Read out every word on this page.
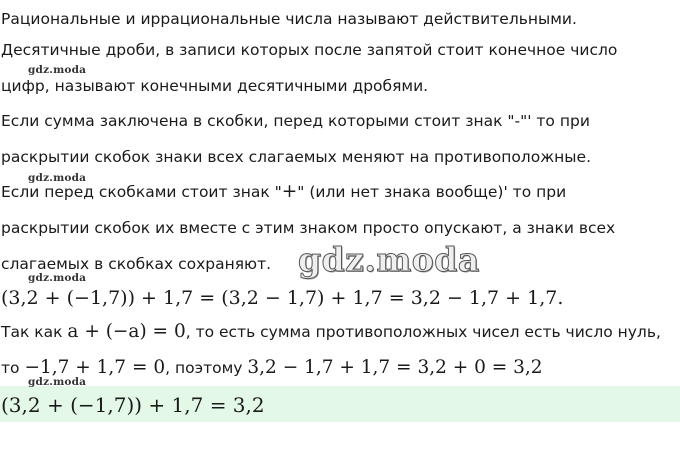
Рациональные и иррациональные числа называют действительными.
Десятичные дроби, в записи которых после запятой стоит конечное число
gdz.moda
цифр, называют конечными десятичными дробями.
Если сумма заключена в скобки, перед которыми стоит знак "-"' то при
раскрытии скобок знаки всех слагаемых меняют на противоположные.
gdz.moda
Если перед скобками стоит знак "+" (или нет знака вообще)' то при
раскрытии скобок их вместе с этим знаком просто опускают, а знаки всех
слагаемых в скобках сохраняют. gdz.moda
gdz.moda
(3,2 + (−1,7)) + 1,7 = (3,2 − 1,7) + 1,7 = 3,2 − 1,7 + 1,7.
Так как a + (−a) = 0, то есть сумма противоположных чисел есть число нуль,
то −1,7 + 1,7 = 0, поэтому 3,2 − 1,7 + 1,7 = 3,2 + 0 = 3,2
gdz.moda
(3,2 + (−1,7)) + 1,7 = 3,2
